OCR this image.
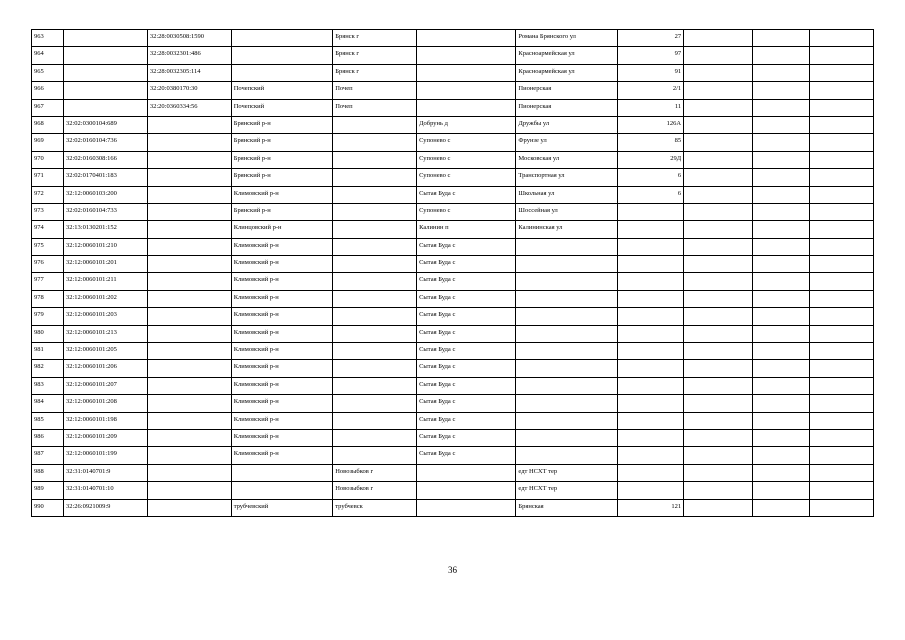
963		32:28:0030508:1590		Брянск г		Романа Брянского ул	27			
964		32:28:0032301:486		Брянск г		Красноармейская ул	97			
965		32:28:0032305:114		Брянск г		Красноармейская ул	91			
966		32:20:0380170:30	Почепский	Почеп		Пионерская	2/1			
967		32:20:0360334:56	Почепский	Почеп		Пионерская	11			
968	32:02:0300104:689		Брянский р-н		Добрунь д	Дружбы ул	126А			
969	32:02:0160104:736		Брянский р-н		Супонево с	Фрунзе ул	85			
970	32:02:0160308:166		Брянский р-н		Супонево с	Московская ул	29Д			
971	32:02:0170401:183		Брянский р-н		Супонево с	Транспортная ул	6			
972	32:12:0060103:200		Климовский р-н		Сытая Буда с	Школьная ул	6			
973	32:02:0160104:733		Брянский р-н		Супонево с	Шоссейная ул				
974	32:13:0130201:152		Клинцовский р-н		Калинин п	Калининская ул				
975	32:12:0060101:210		Климовский р-н		Сытая Буда с					
976	32:12:0060101:201		Климовский р-н		Сытая Буда с					
977	32:12:0060101:211		Климовский р-н		Сытая Буда с					
978	32:12:0060101:202		Климовский р-н		Сытая Буда с					
979	32:12:0060101:203		Климовский р-н		Сытая Буда с					
980	32:12:0060101:213		Климовский р-н		Сытая Буда с					
981	32:12:0060101:205		Климовский р-н		Сытая Буда с					
982	32:12:0060101:206		Климовский р-н		Сытая Буда с					
983	32:12:0060101:207		Климовский р-н		Сытая Буда с					
984	32:12:0060101:208		Климовский р-н		Сытая Буда с					
985	32:12:0060101:198		Климовский р-н		Сытая Буда с					
986	32:12:0060101:209		Климовский р-н		Сытая Буда с					
987	32:12:0060101:199		Климовский р-н		Сытая Буда с					
988	32:31:0140701:9			Новозыбков г		едт НСХТ тер				
989	32:31:0140701:10			Новозыбков г		едт НСХТ тер				
990	32:26:0921009:9		трубчевский	трубчевск		Брянская	121			
36
